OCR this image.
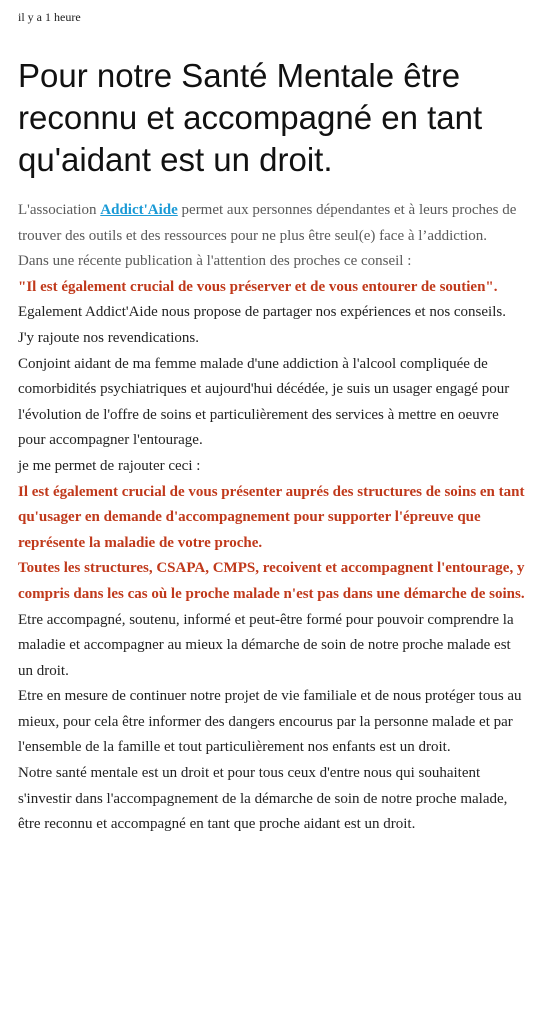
il y a 1 heure
Pour notre Santé Mentale être reconnu et accompagné en tant qu'aidant est un droit.

L'association Addict'Aide permet aux personnes dépendantes et à leurs proches de trouver des outils et des ressources pour ne plus être seul(e) face à l’addiction.

Dans une récente publication à l'attention des proches ce conseil :

"Il est également crucial de vous préserver et de vous entourer de soutien".

Egalement Addict'Aide nous propose de partager nos expériences et nos conseils.

J'y rajoute nos revendications.

Conjoint aidant de ma femme malade d'une addiction à l'alcool compliquée de comorbidités psychiatriques et aujourd'hui décédée, je suis un usager engagé pour l'évolution de l'offre de soins et particulièrement des services à mettre en oeuvre pour accompagner l'entourage.

je me permet de rajouter ceci :

Il est également crucial de vous présenter auprés des structures de soins en tant qu'usager en demande d'accompagnement pour supporter l'épreuve que représente la maladie de votre proche.

Toutes les structures, CSAPA, CMPS, recoivent et accompagnent l'entourage, y compris dans les cas où le proche malade n'est pas dans une démarche de soins.

Etre accompagné, soutenu, informé et peut-être formé pour pouvoir comprendre la maladie et accompagner au mieux la démarche de soin de notre proche malade est un droit.

Etre en mesure de continuer notre projet de vie familiale et de nous protéger tous au mieux, pour cela être informer des dangers encourus par la personne malade et par l'ensemble de la famille et tout particulièrement nos enfants est un droit.

Notre santé mentale est un droit et pour tous ceux d'entre nous qui souhaitent s'investir dans l'accompagnement de la démarche de soin de notre proche malade, être reconnu et accompagné en tant que proche aidant est un droit.
